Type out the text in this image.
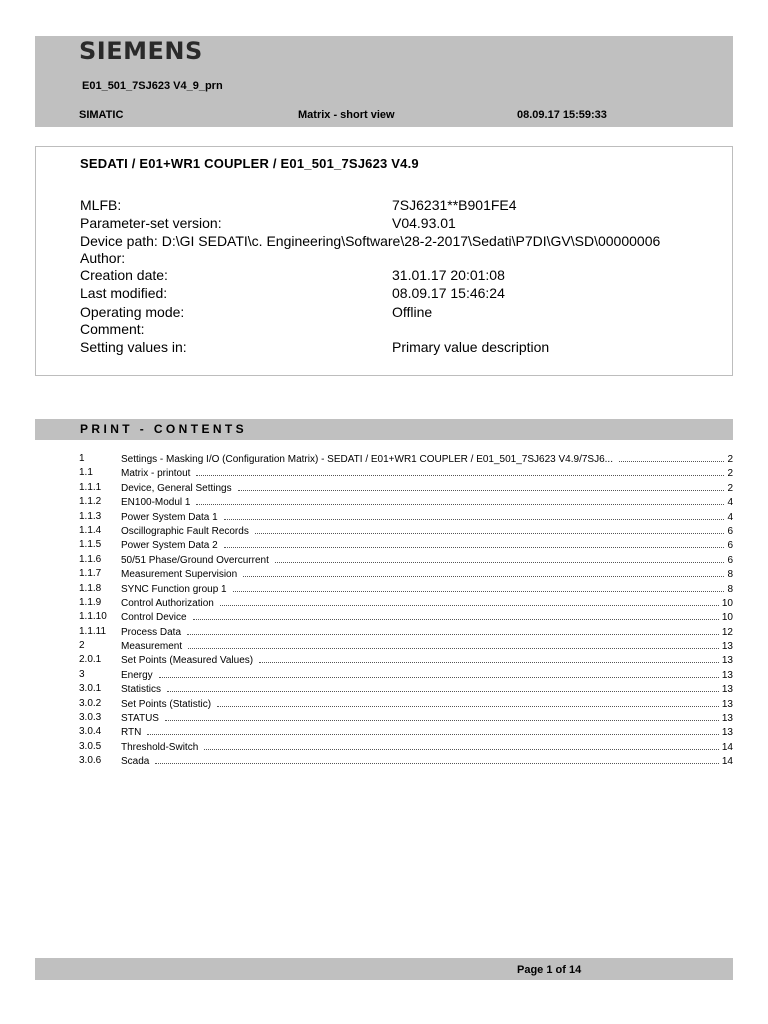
SIEMENS
E01_501_7SJ623 V4_9_prn
SIMATIC	Matrix - short view	08.09.17 15:59:33
SEDATI / E01+WR1 COUPLER / E01_501_7SJ623 V4.9
MLFB:	7SJ6231**B901FE4
Parameter-set version:	V04.93.01
Device path: D:\GI SEDATI\c. Engineering\Software\28-2-2017\Sedati\P7DI\GV\SD\00000006
Author:
Creation date:	31.01.17 20:01:08
Last modified:	08.09.17 15:46:24
Operating mode:	Offline
Comment:
Setting values in:	Primary value description
PRINT - CONTENTS
1	Settings - Masking I/O (Configuration Matrix) - SEDATI / E01+WR1 COUPLER / E01_501_7SJ623 V4.9/7SJ6...	2
1.1	Matrix - printout	2
1.1.1 Device, General Settings	2
1.1.2 EN100-Modul 1	4
1.1.3 Power System Data 1	4
1.1.4 Oscillographic Fault Records	6
1.1.5 Power System Data 2	6
1.1.6 50/51 Phase/Ground Overcurrent	6
1.1.7 Measurement Supervision	8
1.1.8 SYNC Function group 1	8
1.1.9 Control Authorization	10
1.1.10 Control Device	10
1.1.11 Process Data	12
2	Measurement	13
2.0.1 Set Points (Measured Values)	13
3	Energy	13
3.0.1 Statistics	13
3.0.2 Set Points (Statistic)	13
3.0.3 STATUS	13
3.0.4 RTN	13
3.0.5 Threshold-Switch	14
3.0.6 Scada	14
Page 1 of 14
